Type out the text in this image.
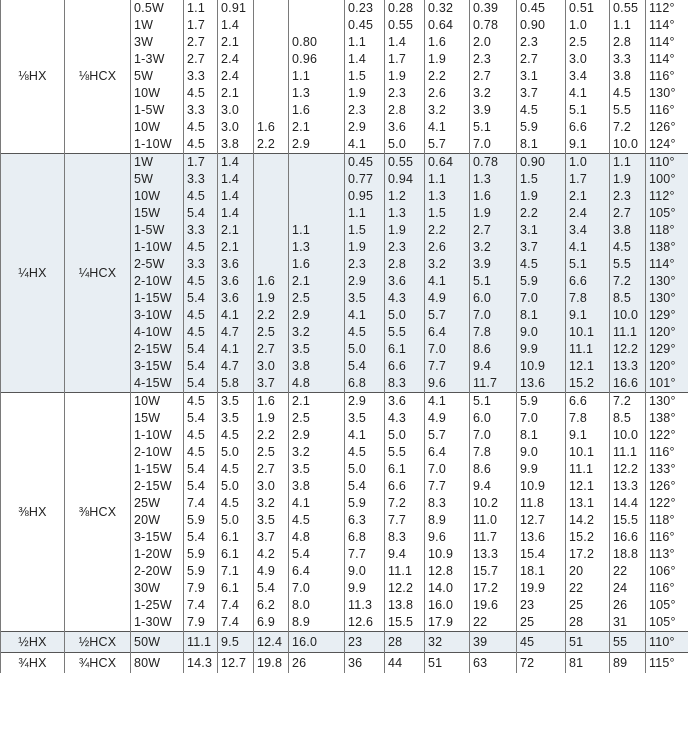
⅛HX	⅛HCX	0.5W	1.1	0.91			0.23	0.28	0.32	0.39	0.45	0.51	0.55	112°
		1W	1.7	1.4			0.45	0.55	0.64	0.78	0.90	1.0	1.1	114°
		3W	2.7	2.1		0.80	1.1	1.4	1.6	2.0	2.3	2.5	2.8	114°
		1-3W	2.7	2.4		0.96	1.4	1.7	1.9	2.3	2.7	3.0	3.3	114°
		5W	3.3	2.4		1.1	1.5	1.9	2.2	2.7	3.1	3.4	3.8	116°
		10W	4.5	2.1		1.3	1.9	2.3	2.6	3.2	3.7	4.1	4.5	130°
		1-5W	3.3	3.0		1.6	2.3	2.8	3.2	3.9	4.5	5.1	5.5	116°
		10W	4.5	3.0	1.6	2.1	2.9	3.6	4.1	5.1	5.9	6.6	7.2	126°
		1-10W	4.5	3.8	2.2	2.9	4.1	5.0	5.7	7.0	8.1	9.1	10.0	124°
¼HX	¼HCX	1W	1.7	1.4			0.45	0.55	0.64	0.78	0.90	1.0	1.1	110°
		5W	3.3	1.4			0.77	0.94	1.1	1.3	1.5	1.7	1.9	100°
		10W	4.5	1.4			0.95	1.2	1.3	1.6	1.9	2.1	2.3	112°
		15W	5.4	1.4			1.1	1.3	1.5	1.9	2.2	2.4	2.7	105°
		1-5W	3.3	2.1		1.1	1.5	1.9	2.2	2.7	3.1	3.4	3.8	118°
		1-10W	4.5	2.1		1.3	1.9	2.3	2.6	3.2	3.7	4.1	4.5	138°
		2-5W	3.3	3.6		1.6	2.3	2.8	3.2	3.9	4.5	5.1	5.5	114°
		2-10W	4.5	3.6	1.6	2.1	2.9	3.6	4.1	5.1	5.9	6.6	7.2	130°
		1-15W	5.4	3.6	1.9	2.5	3.5	4.3	4.9	6.0	7.0	7.8	8.5	130°
		3-10W	4.5	4.1	2.2	2.9	4.1	5.0	5.7	7.0	8.1	9.1	10.0	129°
		4-10W	4.5	4.7	2.5	3.2	4.5	5.5	6.4	7.8	9.0	10.1	11.1	120°
		2-15W	5.4	4.1	2.7	3.5	5.0	6.1	7.0	8.6	9.9	11.1	12.2	129°
		3-15W	5.4	4.7	3.0	3.8	5.4	6.6	7.7	9.4	10.9	12.1	13.3	120°
		4-15W	5.4	5.8	3.7	4.8	6.8	8.3	9.6	11.7	13.6	15.2	16.6	101°
⅜HX	⅜HCX	10W	4.5	3.5	1.6	2.1	2.9	3.6	4.1	5.1	5.9	6.6	7.2	130°
		15W	5.4	3.5	1.9	2.5	3.5	4.3	4.9	6.0	7.0	7.8	8.5	138°
		1-10W	4.5	4.5	2.2	2.9	4.1	5.0	5.7	7.0	8.1	9.1	10.0	122°
		2-10W	4.5	5.0	2.5	3.2	4.5	5.5	6.4	7.8	9.0	10.1	11.1	116°
		1-15W	5.4	4.5	2.7	3.5	5.0	6.1	7.0	8.6	9.9	11.1	12.2	133°
		2-15W	5.4	5.0	3.0	3.8	5.4	6.6	7.7	9.4	10.9	12.1	13.3	126°
		25W	7.4	4.5	3.2	4.1	5.9	7.2	8.3	10.2	11.8	13.1	14.4	122°
		20W	5.9	5.0	3.5	4.5	6.3	7.7	8.9	11.0	12.7	14.2	15.5	118°
		3-15W	5.4	6.1	3.7	4.8	6.8	8.3	9.6	11.7	13.6	15.2	16.6	116°
		1-20W	5.9	6.1	4.2	5.4	7.7	9.4	10.9	13.3	15.4	17.2	18.8	113°
		2-20W	5.9	7.1	4.9	6.4	9.0	11.1	12.8	15.7	18.1	20	22	106°
		30W	7.9	6.1	5.4	7.0	9.9	12.2	14.0	17.2	19.9	22	24	116°
		1-25W	7.4	7.4	6.2	8.0	11.3	13.8	16.0	19.6	23	25	26	105°
		1-30W	7.9	7.4	6.9	8.9	12.6	15.5	17.9	22	25	28	31	105°
½HX	½HCX	50W	11.1	9.5	12.4	16.0	23	28	32	39	45	51	55	110°
¾HX	¾HCX	80W	14.3	12.7	19.8	26	36	44	51	63	72	81	89	115°
